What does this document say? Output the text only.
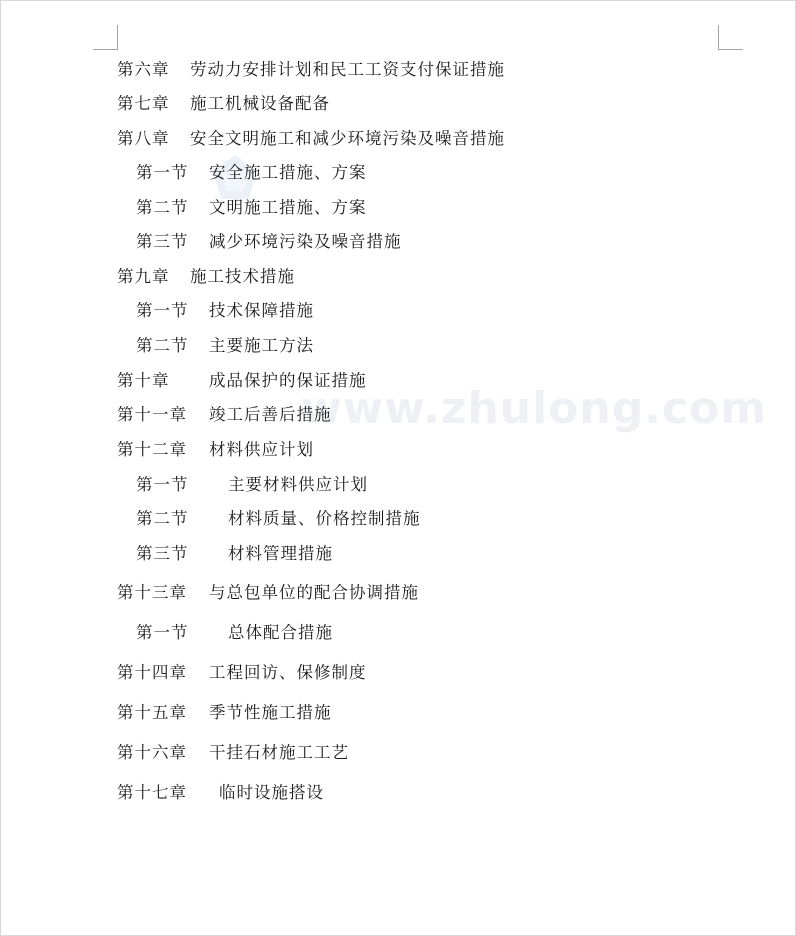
www.zhulong.com
第六章 劳动力安排计划和民工工资支付保证措施
第七章 施工机械设备配备
第八章 安全文明施工和减少环境污染及噪音措施
第一节 安全施工措施、方案
第二节 文明施工措施、方案
第三节 减少环境污染及噪音措施
第九章 施工技术措施
第一节 技术保障措施
第二节 主要施工方法
第十章 成品保护的保证措施
第十一章 竣工后善后措施
第十二章 材料供应计划
第一节 主要材料供应计划
第二节 材料质量、价格控制措施
第三节 材料管理措施
第十三章 与总包单位的配合协调措施
第一节 总体配合措施
第十四章 工程回访、保修制度
第十五章 季节性施工措施
第十六章 干挂石材施工工艺
第十七章 临时设施搭设
